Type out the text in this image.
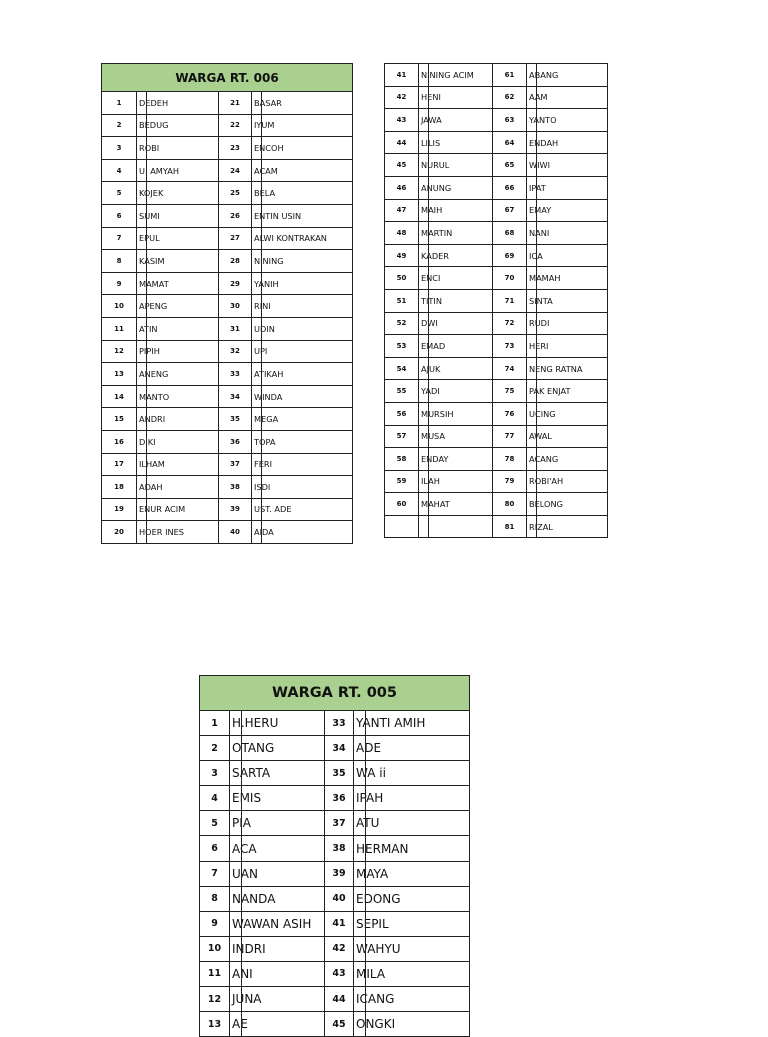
WARGA RT. 006			
1	DEDEH	21	BASAR
2	BEDUG	22	IYUM
3	ROBI	23	ENCOH
4	U. AMYAH	24	ACAM
5	KOJEK	25	BELA
6	SUMI	26	ENTIN USIN
7	EPUL	27	ALWI KONTRAKAN
8	KASIM	28	NINING
9	MAMAT	29	YANIH
10	APENG	30	RINI
11	ATIN	31	UDIN
12	PIPIH	32	UPI
13	ANENG	33	ATIKAH
14	MANTO	34	WINDA
15	ANDRI	35	MEGA
16	DIKI	36	TOPA
17	ILHAM	37	FERI
18	ADAH	38	ISDI
19	ENUR ACIM	39	UST. ADE
20	HOER INES	40	AIDA
41	NINING ACIM	61	ABANG
42	HENI	62	AAM
43	JAWA	63	YANTO
44	LILIS	64	ENDAH
45	NURUL	65	WIWI
46	ANUNG	66	IPAT
47	MAIH	67	EMAY
48	MARTIN	68	NANI
49	KADER	69	ICA
50	ENCI	70	MAMAH
51	TITIN	71	SINTA
52	DWI	72	RUDI
53	EMAD	73	HERI
54	AJUK	74	NENG RATNA
55	YADI	75	PAK ENJAT
56	MURSIH	76	UCING
57	MUSA	77	AWAL
58	ENDAY	78	ACANG
59	ILAH	79	ROBI'AH
60	MAHAT	80	BELONG
		81	RIZAL
WARGA RT. 005			
1	H.HERU	33	YANTI AMIH
2	OTANG	34	ADE
3	SARTA	35	WA ii
4	EMIS	36	IPAH
5	PIA	37	ATU
6	ACA	38	HERMAN
7	UAN	39	MAYA
8	NANDA	40	EDONG
9	WAWAN ASIH	41	SEPIL
10	INDRI	42	WAHYU
11	ANI	43	MILA
12	JUNA	44	ICANG
13	AE	45	ONGKI
